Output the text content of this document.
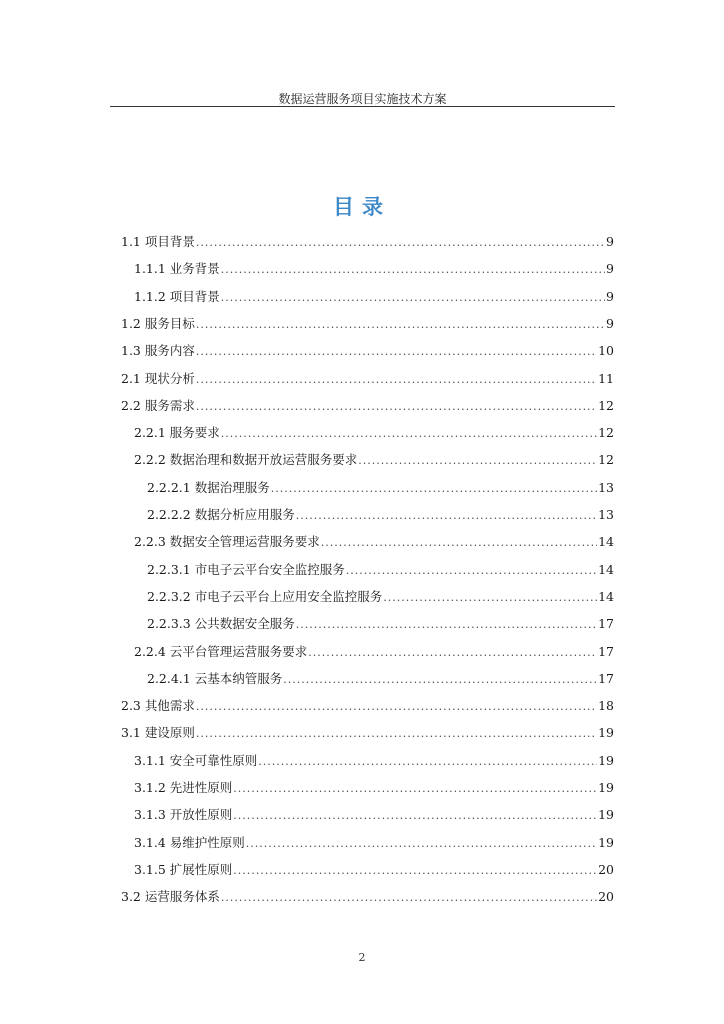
数据运营服务项目实施技术方案
目录
1.1 项目背景 .....	9
1.1.1 业务背景 .....	9
1.1.2 项目背景 .....	9
1.2 服务目标 .....	9
1.3 服务内容 .....	10
2.1 现状分析 .....	11
2.2 服务需求 .....	12
2.2.1 服务要求 .....	12
2.2.2 数据治理和数据开放运营服务要求 .....	12
2.2.2.1 数据治理服务 .....	13
2.2.2.2 数据分析应用服务 .....	13
2.2.3 数据安全管理运营服务要求 .....	14
2.2.3.1 市电子云平台安全监控服务 .....	14
2.2.3.2 市电子云平台上应用安全监控服务 .....	14
2.2.3.3 公共数据安全服务 .....	17
2.2.4 云平台管理运营服务要求 .....	17
2.2.4.1 云基本纳管服务 .....	17
2.3 其他需求 .....	18
3.1 建设原则 .....	19
3.1.1 安全可靠性原则 .....	19
3.1.2 先进性原则 .....	19
3.1.3 开放性原则 .....	19
3.1.4 易维护性原则 .....	19
3.1.5 扩展性原则 .....	20
3.2 运营服务体系 .....	20
2
